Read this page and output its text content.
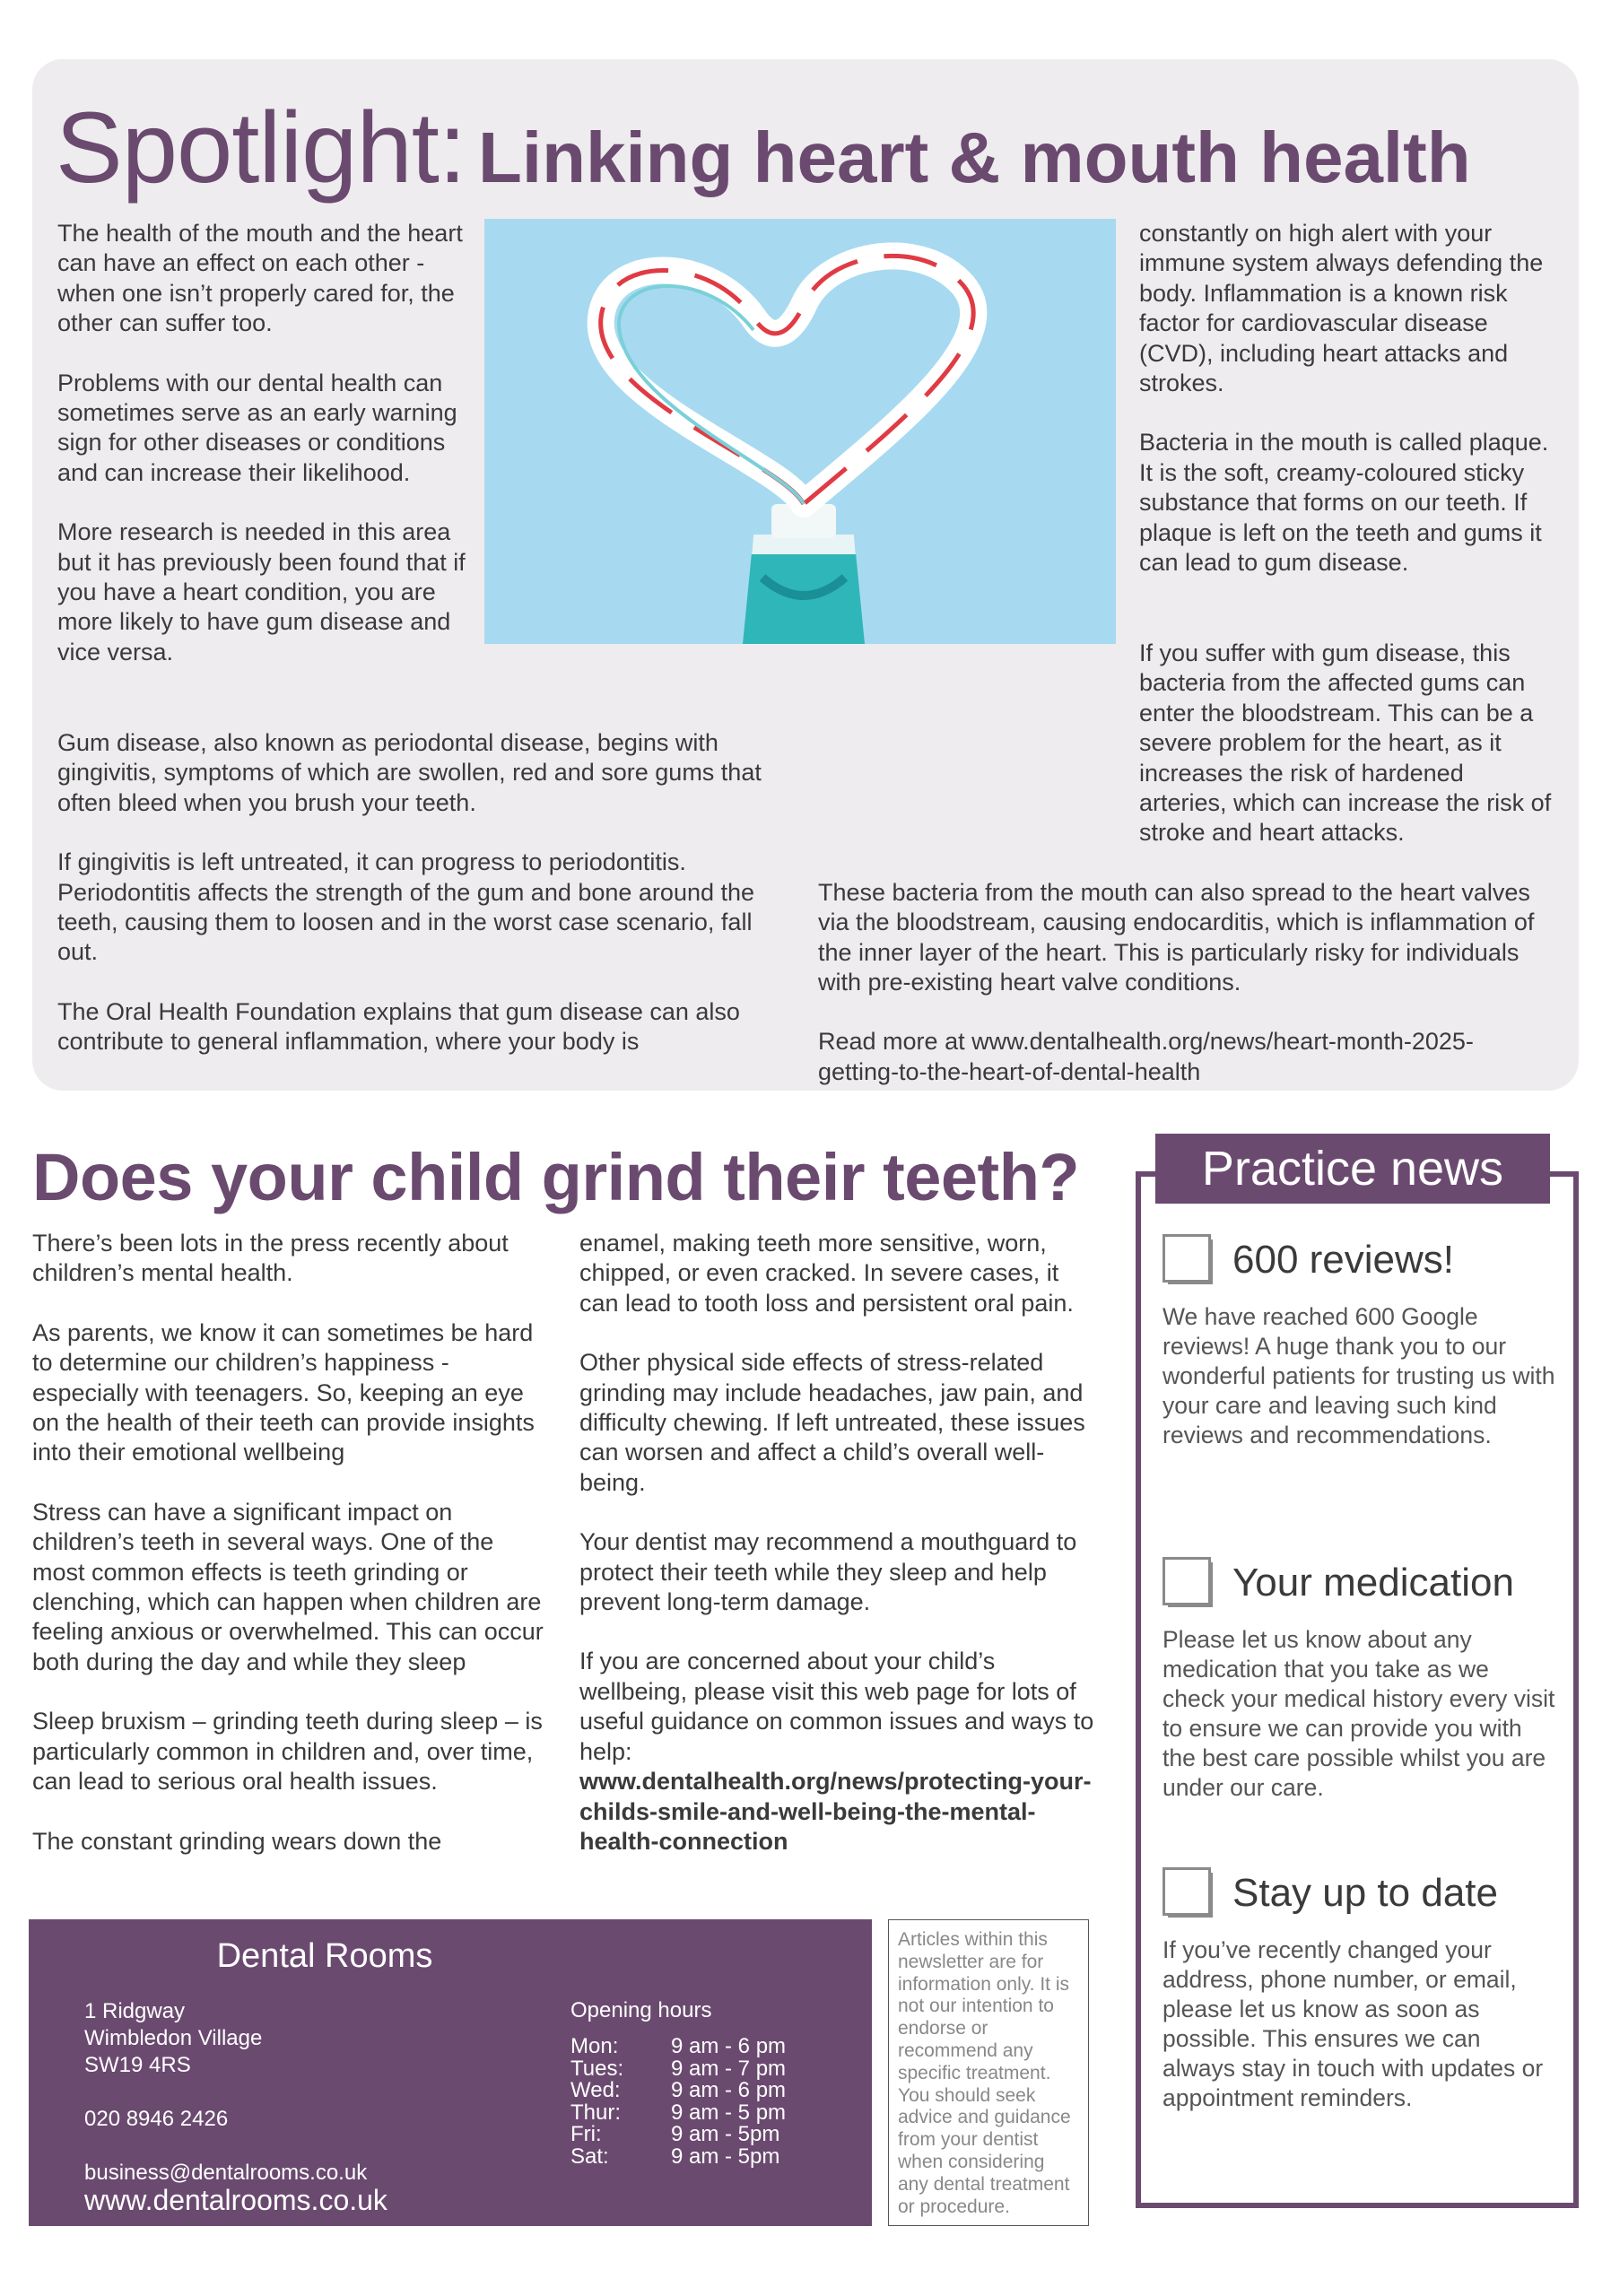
Spotlight: Linking heart & mouth health

The health of the mouth and the heart can have an effect on each other - when one isn’t properly cared for, the other can suffer too.

Problems with our dental health can sometimes serve as an early warning sign for other diseases or conditions and can increase their likelihood.

More research is needed in this area but it has previously been found that if you have a heart condition, you are more likely to have gum disease and vice versa.

Gum disease, also known as periodontal disease, begins with gingivitis, symptoms of which are swollen, red and sore gums that often bleed when you brush your teeth.

If gingivitis is left untreated, it can progress to periodontitis. Periodontitis affects the strength of the gum and bone around the teeth, causing them to loosen and in the worst case scenario, fall out.

The Oral Health Foundation explains that gum disease can also contribute to general inflammation, where your body is

constantly on high alert with your immune system always defending the body. Inflammation is a known risk factor for cardiovascular disease (CVD), including heart attacks and strokes.

Bacteria in the mouth is called plaque. It is the soft, creamy-coloured sticky substance that forms on our teeth. If plaque is left on the teeth and gums it can lead to gum disease.

If you suffer with gum disease, this bacteria from the affected gums can enter the bloodstream. This can be a severe problem for the heart, as it increases the risk of hardened arteries, which can increase the risk of stroke and heart attacks.

These bacteria from the mouth can also spread to the heart valves via the bloodstream, causing endocarditis, which is inflammation of the inner layer of the heart. This is particularly risky for individuals with pre-existing heart valve conditions.

Read more at www.dentalhealth.org/news/heart-month-2025-getting-to-the-heart-of-dental-health

Does your child grind their teeth?

There’s been lots in the press recently about children’s mental health.

As parents, we know it can sometimes be hard to determine our children’s happiness - especially with teenagers. So, keeping an eye on the health of their teeth can provide insights into their emotional wellbeing

Stress can have a significant impact on children’s teeth in several ways. One of the most common effects is teeth grinding or clenching, which can happen when children are feeling anxious or overwhelmed. This can occur both during the day and while they sleep

Sleep bruxism – grinding teeth during sleep – is particularly common in children and, over time, can lead to serious oral health issues.

The constant grinding wears down the

enamel, making teeth more sensitive, worn, chipped, or even cracked. In severe cases, it can lead to tooth loss and persistent oral pain.

Other physical side effects of stress-related grinding may include headaches, jaw pain, and difficulty chewing. If left untreated, these issues can worsen and affect a child’s overall well-being.

Your dentist may recommend a mouthguard to protect their teeth while they sleep and help prevent long-term damage.

If you are concerned about your child’s wellbeing, please visit this web page for lots of useful guidance on common issues and ways to help:

www.dentalhealth.org/news/protecting-your-childs-smile-and-well-being-the-mental-health-connection

Practice news
600 reviews!

We have reached 600 Google reviews! A huge thank you to our wonderful patients for trusting us with your care and leaving such kind reviews and recommendations.

Your medication

Please let us know about any medication that you take as we check your medical history every visit to ensure we can provide you with the best care possible whilst you are under our care.

Stay up to date

If you’ve recently changed your address, phone number, or email, please let us know as soon as possible. This ensures we can always stay in touch with updates or appointment reminders.

Dental Rooms
1 Ridgway
Wimbledon Village
SW19 4RS
020 8946 2426
business@dentalrooms.co.uk
www.dentalrooms.co.uk
Opening hours
Mon:	9 am - 6 pm
Tues:	9 am - 7 pm
Wed:	9 am - 6 pm
Thur:	9 am - 5 pm
Fri:	9 am - 5pm
Sat:	9 am - 5pm
Articles within this newsletter are for information only. It is not our intention to endorse or recommend any specific treatment. You should seek advice and guidance from your dentist when considering any dental treatment or procedure.
